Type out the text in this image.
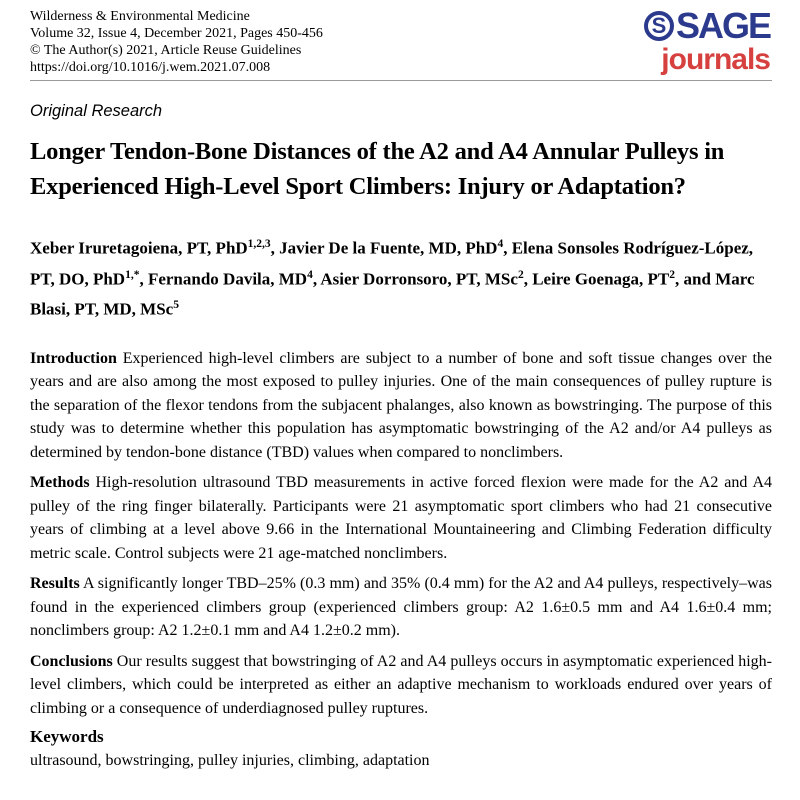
Wilderness & Environmental Medicine
Volume 32, Issue 4, December 2021, Pages 450-456
© The Author(s) 2021, Article Reuse Guidelines
https://doi.org/10.1016/j.wem.2021.07.008
S SAGE
journals
Original Research
Longer Tendon-Bone Distances of the A2 and A4 Annular Pulleys in Experienced High-Level Sport Climbers: Injury or Adaptation?

Xeber Iruretagoiena, PT, PhD$^{1,2,3}$, Javier De la Fuente, MD, PhD$^4$, Elena Sonsoles Rodríguez-López, PT, DO, PhD$^{1,*}$, Fernando Davila, $MD^4$, Asier Dorronsoro, PT, MSc$^2$, Leire Goenaga, $PT^2$, and Marc Blasi, PT, MD, MSc$^5$

Introduction Experienced high-level climbers are subject to a number of bone and soft tissue changes over the years and are also among the most exposed to pulley injuries. One of the main consequences of pulley rupture is the separation of the flexor tendons from the subjacent phalanges, also known as bowstringing. The purpose of this study was to determine whether this population has asymptomatic bowstringing of the A2 and/or A4 pulleys as determined by tendon-bone distance (TBD) values when compared to nonclimbers.

Methods High-resolution ultrasound TBD measurements in active forced flexion were made for the A2 and A4 pulley of the ring finger bilaterally. Participants were 21 asymptomatic sport climbers who had 21 consecutive years of climbing at a level above 9.66 in the International Mountaineering and Climbing Federation difficulty metric scale. Control subjects were 21 age-matched nonclimbers.

Results A significantly longer TBD–25% (0.3 mm) and 35% (0.4 mm) for the A2 and A4 pulleys, respectively–was found in the experienced climbers group (experienced climbers group: A2 1.6±0.5 mm and A4 1.6±0.4 mm; nonclimbers group: A2 1.2±0.1 mm and A4 1.2±0.2 mm).

Conclusions Our results suggest that bowstringing of A2 and A4 pulleys occurs in asymptomatic experienced high-level climbers, which could be interpreted as either an adaptive mechanism to workloads endured over years of climbing or a consequence of underdiagnosed pulley ruptures.

Keywords

ultrasound, bowstringing, pulley injuries, climbing, adaptation
